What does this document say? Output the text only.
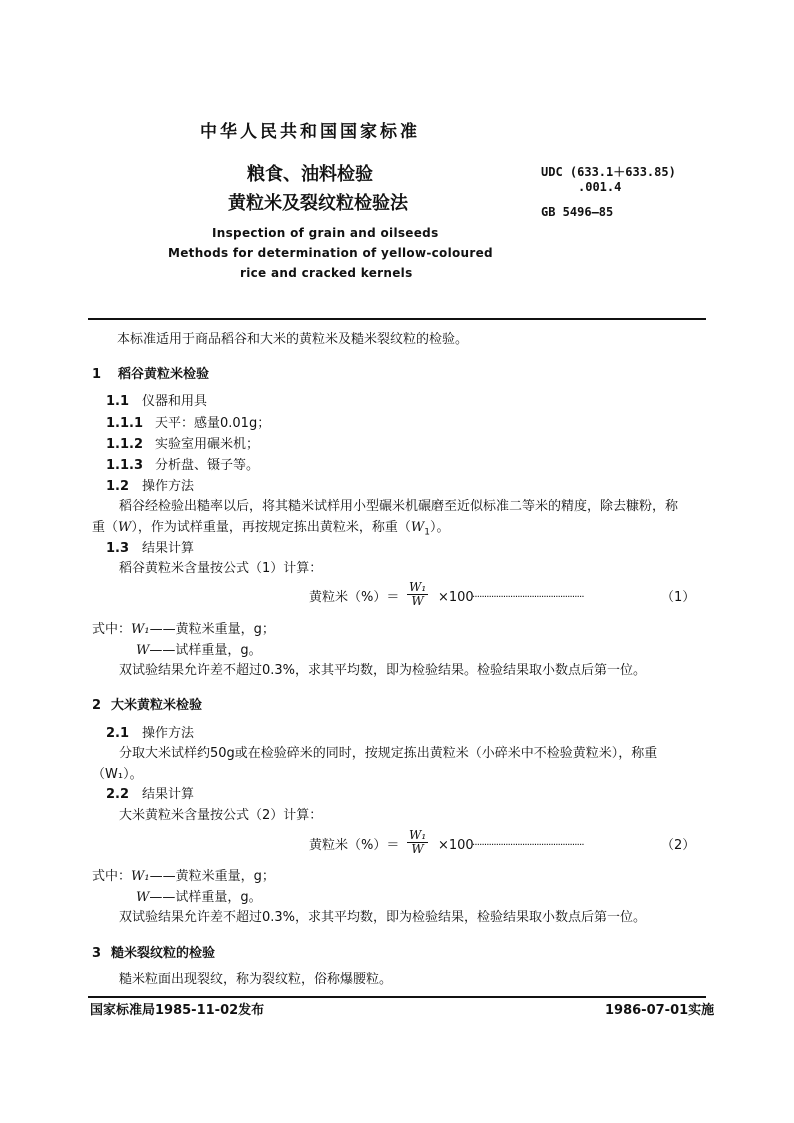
中华人民共和国国家标准
粮食、油料检验
黄粒米及裂纹粒检验法
Inspection of grain and oilseeds
Methods for determination of yellow-coloured
rice and cracked kernels
UDC (633.1＋633.85)
.001.4
GB 5496—85
本标准适用于商品稻谷和大米的黄粒米及糙米裂纹粒的检验。
1 稻谷黄粒米检验
1.1 仪器和用具
1.1.1 天平：感量0.01g；
1.1.2 实验室用碾米机；
1.1.3 分析盘、镊子等。
1.2 操作方法
稻谷经检验出糙率以后，将其糙米试样用小型碾米机碾磨至近似标准二等米的精度，除去糠粉，称
重（W），作为试样重量，再按规定拣出黄粒米，称重$(W_1)$。
1.3 结果计算
稻谷黄粒米含量按公式（1）计算：
黄粒米（%）＝ $\frac{\text{W₁}}{W} \times 100$
···············································	（1）
式中：W₁——黄粒米重量，g；
W——试样重量，g。
双试验结果允许差不超过0.3%，求其平均数，即为检验结果。检验结果取小数点后第一位。
2 大米黄粒米检验
2.1 操作方法
分取大米试样约50g或在检验碎米的同时，按规定拣出黄粒米（小碎米中不检验黄粒米），称重
（W₁）。
2.2 结果计算
大米黄粒米含量按公式（2）计算：
黄粒米（%）＝ $\frac{\text{W₁}}{W} \times 100$
···············································	（2）
式中：W₁——黄粒米重量，g；
W——试样重量，g。
双试验结果允许差不超过0.3%，求其平均数，即为检验结果，检验结果取小数点后第一位。
3 糙米裂纹粒的检验
糙米粒面出现裂纹，称为裂纹粒，俗称爆腰粒。
国家标准局1985-11-02发布	1986-07-01实施
